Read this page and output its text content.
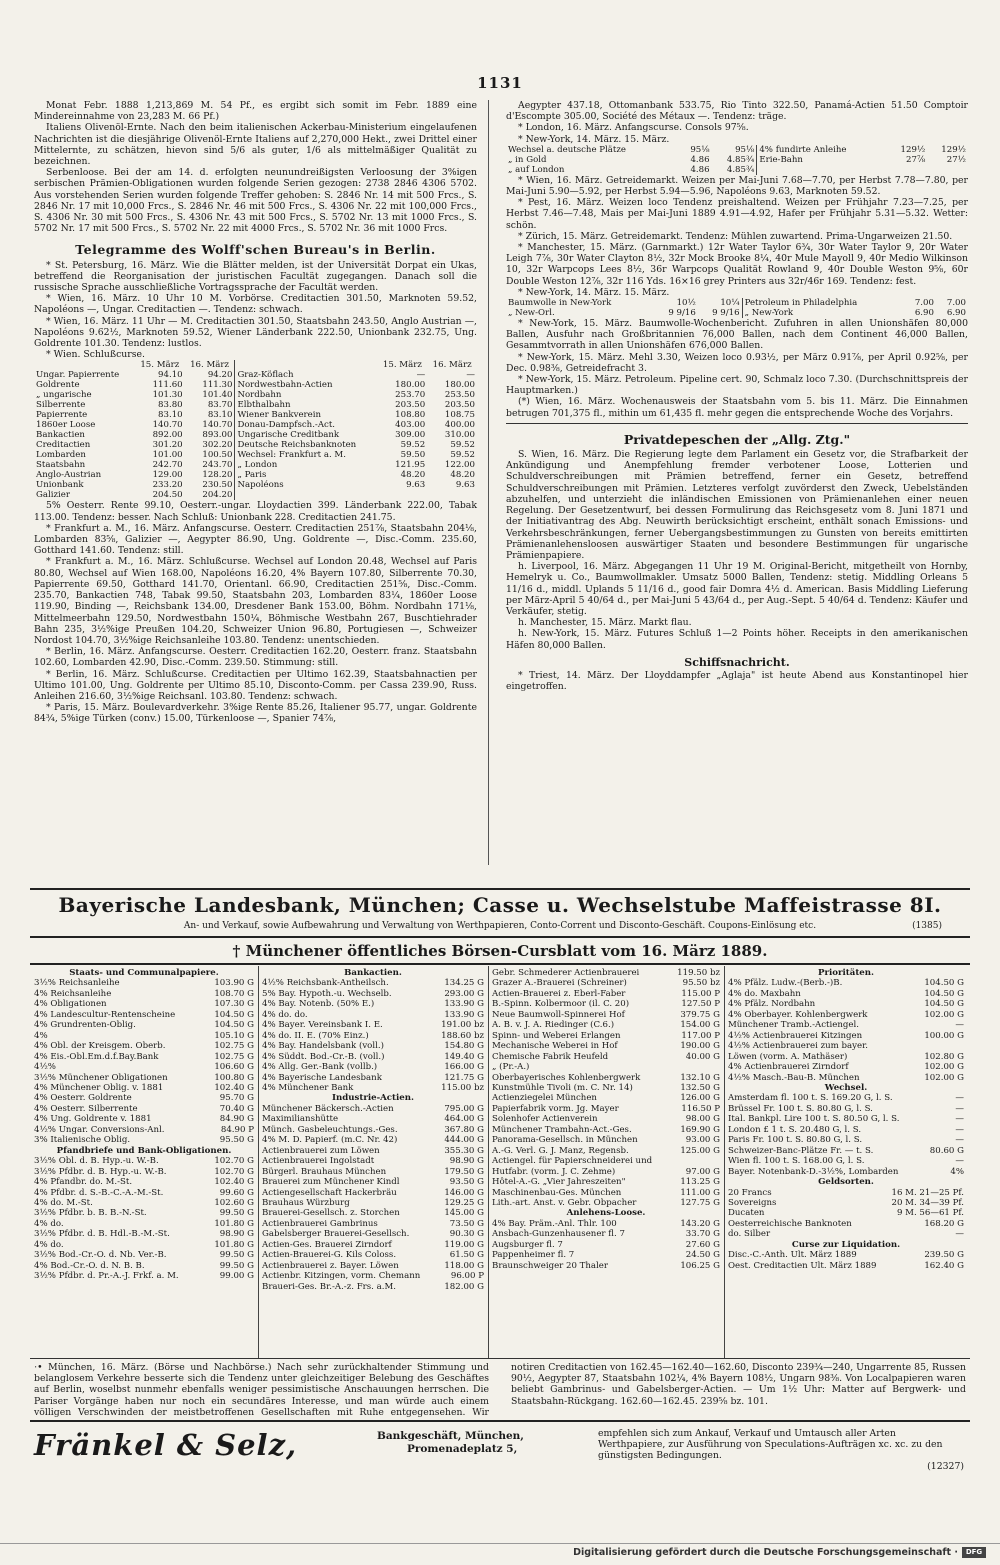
1131

Monat Febr. 1888 1,213,869 M. 54 Pf., es ergibt sich somit im Febr. 1889 eine Mindereinnahme von 23,283 M. 66 Pf.)

Italiens Olivenöl-Ernte. Nach den beim italienischen Ackerbau-Ministerium eingelaufenen Nachrichten ist die diesjährige Olivenöl-Ernte Italiens auf 2,270,000 Hekt., zwei Drittel einer Mittelernte, zu schätzen, hievon sind 5/6 als guter, 1/6 als mittelmäßiger Qualität zu bezeichnen.

Serbenloose. Bei der am 14. d. erfolgten neunundreißigsten Verloosung der 3%igen serbischen Prämien-Obligationen wurden folgende Serien gezogen: 2738 2846 4306 5702. Aus vorstehenden Serien wurden folgende Treffer gehoben: S. 2846 Nr. 14 mit 500 Frcs., S. 2846 Nr. 17 mit 10,000 Frcs., S. 2846 Nr. 46 mit 500 Frcs., S. 4306 Nr. 22 mit 100,000 Frcs., S. 4306 Nr. 30 mit 500 Frcs., S. 4306 Nr. 43 mit 500 Frcs., S. 5702 Nr. 13 mit 1000 Frcs., S. 5702 Nr. 17 mit 500 Frcs., S. 5702 Nr. 22 mit 4000 Frcs., S. 5702 Nr. 36 mit 1000 Frcs.

Telegramme des Wolff'schen Bureau's in Berlin.

* St. Petersburg, 16. März. Wie die Blätter melden, ist der Universität Dorpat ein Ukas, betreffend die Reorganisation der juristischen Facultät zugegangen. Danach soll die russische Sprache ausschließliche Vortragssprache der Facultät werden.

* Wien, 16. März. 10 Uhr 10 M. Vorbörse. Creditactien 301.50, Marknoten 59.52, Napoléons —, Ungar. Creditactien —. Tendenz: schwach.

* Wien, 16. März. 11 Uhr — M. Creditactien 301.50, Staatsbahn 243.50, Anglo Austrian —, Napoléons 9.62½, Marknoten 59.52, Wiener Länderbank 222.50, Unionbank 232.75, Ung. Goldrente 101.30. Tendenz: lustlos.

* Wien. Schlußcurse.

	15. März	16. März		15. März	16. März
Ungar. Papierrente	94.10	94.20	Graz-Köflach	—	—
Goldrente	111.60	111.30	Nordwestbahn-Actien	180.00	180.00
„ ungarische	101.30	101.40	Nordbahn	253.70	253.50
Silberrente	83.80	83.70	Elbthalbahn	203.50	203.50
Papierrente	83.10	83.10	Wiener Bankverein	108.80	108.75
1860er Loose	140.70	140.70	Donau-Dampfsch.-Act.	403.00	400.00
Bankactien	892.00	893.00	Ungarische Creditbank	309.00	310.00
Creditactien	301.20	302.20	Deutsche Reichsbanknoten	59.52	59.52
Lombarden	101.00	100.50	Wechsel: Frankfurt a. M.	59.50	59.52
Staatsbahn	242.70	243.70	„ London	121.95	122.00
Anglo-Austrian	129.00	128.20	„ Paris	48.20	48.20
Unionbank	233.20	230.50	Napoléons	9.63	9.63
Galizier	204.50	204.20			

5% Oesterr. Rente 99.10, Oesterr.-ungar. Lloydactien 399. Länderbank 222.00, Tabak 113.00. Tendenz: besser. Nach Schluß: Unionbank 228. Creditactien 241.75.

* Frankfurt a. M., 16. März. Anfangscurse. Oesterr. Creditactien 251⅞, Staatsbahn 204⅛, Lombarden 83⅝, Galizier —, Aegypter 86.90, Ung. Goldrente —, Disc.-Comm. 235.60, Gotthard 141.60. Tendenz: still.

* Frankfurt a. M., 16. März. Schlußcurse. Wechsel auf London 20.48, Wechsel auf Paris 80.80, Wechsel auf Wien 168.00, Napoléons 16.20, 4% Bayern 107.80, Silberrente 70.30, Papierrente 69.50, Gotthard 141.70, Orientanl. 66.90, Creditactien 251⅝, Disc.-Comm. 235.70, Bankactien 748, Tabak 99.50, Staatsbahn 203, Lombarden 83¼, 1860er Loose 119.90, Binding —, Reichsbank 134.00, Dresdener Bank 153.00, Böhm. Nordbahn 171⅛, Mittelmeerbahn 129.50, Nordwestbahn 150¼, Böhmische Westbahn 267, Buschtiehrader Bahn 235, 3½%ige Preußen 104.20, Schweizer Union 96.80, Portugiesen —, Schweizer Nordost 104.70, 3½%ige Reichsanleihe 103.80. Tendenz: unentschieden.

* Berlin, 16. März. Anfangscurse. Oesterr. Creditactien 162.20, Oesterr. franz. Staatsbahn 102.60, Lombarden 42.90, Disc.-Comm. 239.50. Stimmung: still.

* Berlin, 16. März. Schlußcurse. Creditactien per Ultimo 162.39, Staatsbahnactien per Ultimo 101.00, Ung. Goldrente per Ultimo 85.10, Disconto-Comm. per Cassa 239.90, Russ. Anleihen 216.60, 3½%ige Reichsanl. 103.80. Tendenz: schwach.

* Paris, 15. März. Boulevardverkehr. 3%ige Rente 85.26, Italiener 95.77, ungar. Goldrente 84¾, 5%ige Türken (conv.) 15.00, Türkenloose —, Spanier 74⅞,

Aegypter 437.18, Ottomanbank 533.75, Rio Tinto 322.50, Panamá-Actien 51.50 Comptoir d'Escompte 305.00, Société des Métaux —. Tendenz: träge.

* London, 16. März. Anfangscurse. Consols 97⅝.

* New-York, 14. März. 15. März.

Wechsel a. deutsche Plätze	95⅛	95⅛	4% fundirte Anleihe	129½	129½
„ in Gold	4.86	4.85¾	Erie-Bahn	27⅞	27½
„ auf London	4.86	4.85¾			

* Wien, 16. März. Getreidemarkt. Weizen per Mai-Juni 7.68—7.70, per Herbst 7.78—7.80, per Mai-Juni 5.90—5.92, per Herbst 5.94—5.96, Napoléons 9.63, Marknoten 59.52.

* Pest, 16. März. Weizen loco Tendenz preishaltend. Weizen per Frühjahr 7.23—7.25, per Herbst 7.46—7.48, Mais per Mai-Juni 1889 4.91—4.92, Hafer per Frühjahr 5.31—5.32. Wetter: schön.

* Zürich, 15. März. Getreidemarkt. Tendenz: Mühlen zuwartend. Prima-Ungarweizen 21.50.

* Manchester, 15. März. (Garnmarkt.) 12r Water Taylor 6¾, 30r Water Taylor 9, 20r Water Leigh 7⅞, 30r Water Clayton 8½, 32r Mock Brooke 8¼, 40r Mule Mayoll 9, 40r Medio Wilkinson 10, 32r Warpcops Lees 8½, 36r Warpcops Qualität Rowland 9, 40r Double Weston 9⅝, 60r Double Weston 12⅞, 32r 116 Yds. 16×16 grey Printers aus 32r/46r 169. Tendenz: fest.

* New-York, 14. März. 15. März.

Baumwolle in New-York	10½	10¼	Petroleum in Philadelphia	7.00	7.00
„ New-Orl.	9 9/16	9 9/16	„ New-York	6.90	6.90

* New-York, 15. März. Baumwolle-Wochenbericht. Zufuhren in allen Unionshäfen 80,000 Ballen, Ausfuhr nach Großbritannien 76,000 Ballen, nach dem Continent 46,000 Ballen, Gesammtvorrath in allen Unionshäfen 676,000 Ballen.

* New-York, 15. März. Mehl 3.30, Weizen loco 0.93½, per März 0.91⅞, per April 0.92⅝, per Dec. 0.98⅜, Getreidefracht 3.

* New-York, 15. März. Petroleum. Pipeline cert. 90, Schmalz loco 7.30. (Durchschnittspreis der Hauptmarken.)

(*) Wien, 16. März. Wochenausweis der Staatsbahn vom 5. bis 11. März. Die Einnahmen betrugen 701,375 fl., mithin um 61,435 fl. mehr gegen die entsprechende Woche des Vorjahrs.

Privatdepeschen der „Allg. Ztg."

S. Wien, 16. März. Die Regierung legte dem Parlament ein Gesetz vor, die Strafbarkeit der Ankündigung und Anempfehlung fremder verbotener Loose, Lotterien und Schuldverschreibungen mit Prämien betreffend, ferner ein Gesetz, betreffend Schuldverschreibungen mit Prämien. Letzteres verfolgt zuvörderst den Zweck, Uebelständen abzuhelfen, und unterzieht die inländischen Emissionen von Prämienanlehen einer neuen Regelung. Der Gesetzentwurf, bei dessen Formulirung das Reichsgesetz vom 8. Juni 1871 und der Initiativantrag des Abg. Neuwirth berücksichtigt erscheint, enthält sonach Emissions- und Verkehrsbeschränkungen, ferner Uebergangsbestimmungen zu Gunsten von bereits emittirten Prämienanlehensloosen auswärtiger Staaten und besondere Bestimmungen für ungarische Prämienpapiere.

h. Liverpool, 16. März. Abgegangen 11 Uhr 19 M. Original-Bericht, mitgetheilt von Hornby, Hemelryk u. Co., Baumwollmakler. Umsatz 5000 Ballen, Tendenz: stetig. Middling Orleans 5 11/16 d., middl. Uplands 5 11/16 d., good fair Domra 4½ d. American. Basis Middling Lieferung per März-April 5 40/64 d., per Mai-Juni 5 43/64 d., per Aug.-Sept. 5 40/64 d. Tendenz: Käufer und Verkäufer, stetig.

h. Manchester, 15. März. Markt flau.

h. New-York, 15. März. Futures Schluß 1—2 Points höher. Receipts in den amerikanischen Häfen 80,000 Ballen.

Schiffsnachricht.

* Triest, 14. März. Der Lloyddampfer „Aglaja" ist heute Abend aus Konstantinopel hier eingetroffen.

Bayerische Landesbank, München; Casse u. Wechselstube Maffeistrasse 8I.
An- und Verkauf, sowie Aufbewahrung und Verwaltung von Werthpapieren, Conto-Corrent und Disconto-Geschäft. Coupons-Einlösung etc.	(1385)
† Münchener öffentliches Börsen-Cursblatt vom 16. März 1889.
Staats- und Communalpapiere.
3½% Reichsanleihe	103.90 G
4% Reichsanleihe	108.70 G
4% Obligationen	107.30 G
4% Landescultur-Rentenscheine	104.50 G
4% Grundrenten-Oblig.	104.50 G
4%	105.10 G
4% Obl. der Kreisgem. Oberb.	102.75 G
4% Eis.-Obl.Em.d.f.Bay.Bank	102.75 G
4½%	106.60 G
3½% Münchener Obligationen	100.80 G
4% Münchener Oblig. v. 1881	102.40 G
4% Oesterr. Goldrente	95.70 G
4% Oesterr. Silberrente	70.40 G
4% Ung. Goldrente v. 1881	84.90 G
4½% Ungar. Conversions-Anl.	84.90 P
3% Italienische Oblig.	95.50 G
Pfandbriefe und Bank-Obligationen.
3½% Obl. d. B. Hyp.-u. W.-B.	102.70 G
3½% Pfdbr. d. B. Hyp.-u. W.-B.	102.70 G
4% Pfandbr. do. M.-St.	102.40 G
4% Pfdbr. d. S.-B.-C.-A.-M.-St.	99.60 G
4% do. M.-St.	102.60 G
3½% Pfdbr. b. B. B.-N.-St.	99.50 G
4% do.	101.80 G
3½% Pfdbr. d. B. Hdl.-B.-M.-St.	98.90 G
4% do.	101.80 G
3½% Bod.-Cr.-O. d. Nb. Ver.-B.	99.50 G
4% Bod.-Cr.-O. d. N. B. B.	99.50 G
3½% Pfdbr. d. Pr.-A.-J. Frkf. a. M.	99.00 G
Bankactien.
4½% Reichsbank-Antheilsch.	134.25 G
5% Bay. Hypoth.-u. Wechselb.	293.00 G
4% Bay. Notenb. (50% E.)	133.90 G
4% do. do.	133.90 G
4% Bayer. Vereinsbank I. E.	191.00 bz
4% do. II. E. (70% Einz.)	188.60 bz
4% Bay. Handelsbank (voll.)	154.80 G
4% Süddt. Bod.-Cr.-B. (voll.)	149.40 G
4% Allg. Ger.-Bank (vollb.)	166.00 G
4% Bayerische Landesbank	121.75 G
4% Münchener Bank	115.00 bz
Industrie-Actien.
Münchener Bäckersch.-Actien	795.00 G
Maximilianshütte	464.00 G
Münch. Gasbeleuchtungs.-Ges.	367.80 G
4% M. D. Papierf. (m.C. Nr. 42)	444.00 G
Actienbrauerei zum Löwen	355.30 G
Actienbrauerei Ingolstadt	98.90 G
Bürgerl. Brauhaus München	179.50 G
Brauerei zum Münchener Kindl	93.50 G
Actiengesellschaft Hackerbräu	146.00 G
Brauhaus Würzburg	129.25 G
Brauerei-Gesellsch. z. Storchen	145.00 G
Actienbrauerei Gambrinus	73.50 G
Gabelsberger Brauerei-Gesellsch.	90.30 G
Actien-Ges. Brauerei Zirndorf	119.00 G
Actien-Brauerei-G. Kils Coloss.	61.50 G
Actienbrauerei z. Bayer. Löwen	118.00 G
Actienbr. Kitzingen, vorm. Chemann	96.00 P
Braueri-Ges. Br.-A.-z. Frs. a.M.	182.00 G
Gebr. Schmederer Actienbrauerei	119.50 bz
Grazer A.-Brauerei (Schreiner)	95.50 bz
Actien-Brauerei z. Eberl-Faber	115.00 P
B.-Spinn. Kolbermoor (il. C. 20)	127.50 P
Neue Baumwoll-Spinnerei Hof	379.75 G
A. B. v. J. A. Riedinger (C.6.)	154.00 G
Spinn- und Weberei Erlangen	117.00 P
Mechanische Weberei in Hof	190.00 G
Chemische Fabrik Heufeld	40.00 G
„ (Pr.-A.)
Oberbayerisches Kohlenbergwerk	132.10 G
Kunstmühle Tivoli (m. C. Nr. 14)	132.50 G
Actienziegelei München	126.00 G
Papierfabrik vorm. Jg. Mayer	116.50 P
Solenhofer Actienverein	98.00 G
Münchener Trambahn-Act.-Ges.	169.90 G
Panorama-Gesellsch. in München	93.00 G
A.-G. Verl. G. J. Manz, Regensb.	125.00 G
Actiengel. für Papierschneiderei und
Hutfabr. (vorm. J. C. Zehme)	97.00 G
Hôtel-A.-G. „Vier Jahreszeiten"	113.25 G
Maschinenbau-Ges. München	111.00 G
Lith.-art. Anst. v. Gebr. Obpacher	127.75 G
Anlehens-Loose.
4% Bay. Präm.-Anl. Thlr. 100	143.20 G
Ansbach-Gunzenhausener fl. 7	33.70 G
Augsburger fl. 7	27.60 G
Pappenheimer fl. 7	24.50 G
Braunschweiger 20 Thaler	106.25 G
Prioritäten.
4% Pfälz. Ludw.-(Berb.-)B.	104.50 G
4% do. Maxbahn	104.50 G
4% Pfälz. Nordbahn	104.50 G
4% Oberbayer. Kohlenbergwerk	102.00 G
Münchener Tramb.-Actiengel.	—
4½% Actienbrauerei Kitzingen	100.00 G
4½% Actienbrauerei zum bayer.
Löwen (vorm. A. Mathäser)	102.80 G
4% Actienbrauerei Zirndorf	102.00 G
4½% Masch.-Bau-B. München	102.00 G
Wechsel.
Amsterdam fl. 100 t. S. 169.20 G, l. S.	—
Brüssel Fr. 100 t. S. 80.80 G, l. S.	—
Ital. Bankpl. Lire 100 t. S. 80.50 G, l. S.	—
London £ 1 t. S. 20.480 G, l. S.	—
Paris Fr. 100 t. S. 80.80 G, l. S.	—
Schweizer-Banc-Plätze Fr. — t. S.	80.60 G
Wien fl. 100 t. S. 168.00 G, l. S.	—
Bayer. Notenbank-D.-3½%, Lombarden	4%
Geldsorten.
20 Francs	16 M. 21—25 Pf.
Sovereigns	20 M. 34—39 Pf.
Ducaten	9 M. 56—61 Pf.
Oesterreichische Banknoten	168.20 G
do. Silber	—
Curse zur Liquidation.
Disc.-C.-Anth. Ult. März 1889	239.50 G
Oest. Creditactien Ult. März 1889	162.40 G
⋅• München, 16. März. (Börse und Nachbörse.) Nach sehr zurückhaltender Stimmung und belanglosem Verkehre besserte sich die Tendenz unter gleichzeitiger Belebung des Geschäftes auf Berlin, woselbst nunmehr ebenfalls weniger pessimistische Anschauungen herrschen. Die Pariser Vorgänge haben nur noch ein secundäres Interesse, und man würde auch einem völligen Verschwinden der meistbetroffenen Gesellschaften mit Ruhe entgegensehen. Wir notiren Creditactien von 162.45—162.40—162.60, Disconto 239¾—240, Ungarrente 85, Russen 90½, Aegypter 87, Staatsbahn 102¼, 4% Bayern 108½, Ungarn 98⅜. Von Localpapieren waren beliebt Gambrinus- und Gabelsberger-Actien. — Um 1½ Uhr: Matter auf Bergwerk- und Staatsbahn-Rückgang. 162.60—162.45. 239⅝ bz. 101.
Fränkel & Selz,	Bankgeschäft, München,
Promenadeplatz 5,
empfehlen sich zum Ankauf, Verkauf und Umtausch aller Arten Werthpapiere, zur Ausführung von Speculations-Aufträgen xc. xc. zu den günstigsten Bedingungen.
(12327)
Digitalisierung gefördert durch die Deutsche Forschungsgemeinschaft ·	DFG
